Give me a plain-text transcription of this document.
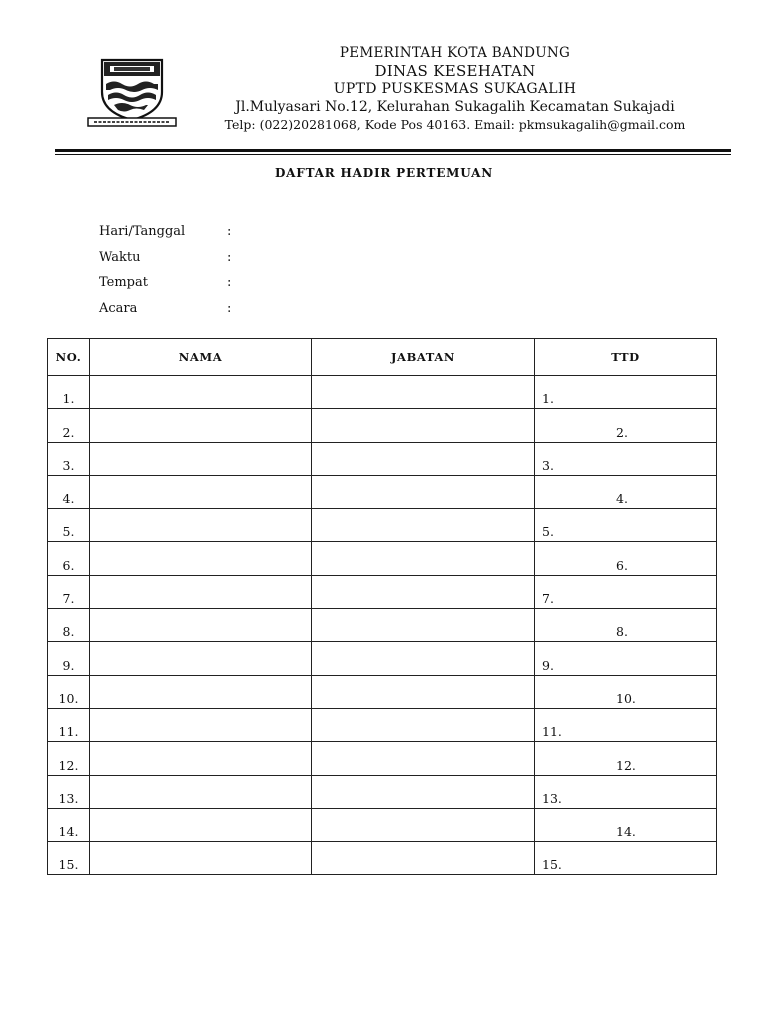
PEMERINTAH KOTA BANDUNG
DINAS KESEHATAN
UPTD PUSKESMAS SUKAGALIH
Jl.Mulyasari No.12, Kelurahan Sukagalih Kecamatan Sukajadi
Telp: (022)20281068, Kode Pos 40163. Email: pkmsukagalih@gmail.com
DAFTAR HADIR PERTEMUAN
Hari/Tanggal	:
Waktu	:
Tempat	:
Acara	:
NO.	NAMA	JABATAN	TTD
1.			1.

2.			2.

3.			3.

4.			4.

5.			5.

6.			6.

7.			7.

8.			8.

9.			9.

10.			10.

11.			11.

12.			12.

13.			13.

14.			14.

15.			15.
